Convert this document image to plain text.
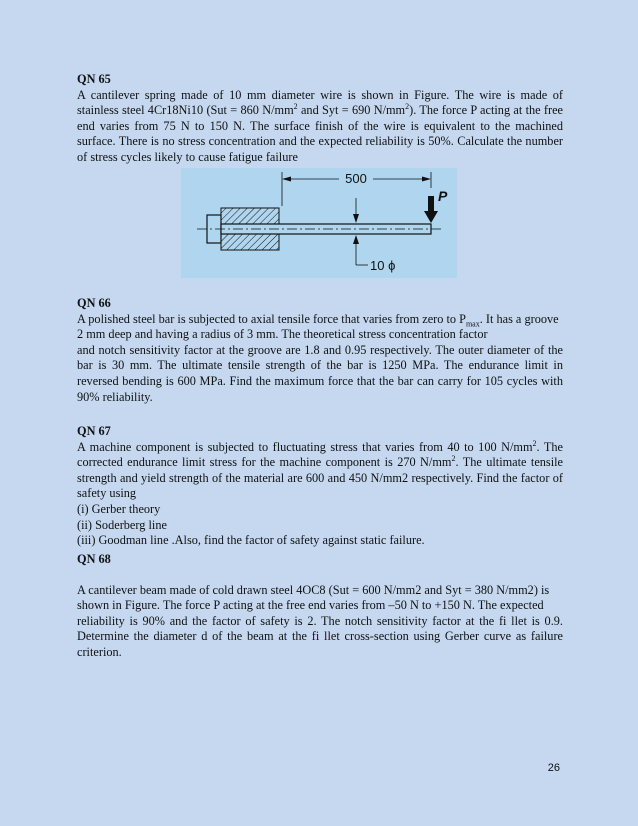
QN 65

A cantilever spring made of 10 mm diameter wire is shown in Figure. The wire is made of stainless steel 4Cr18Ni10 (Sut = 860 $N/mm^2$ and Syt = 690 $N/mm^2$). The force P acting at the free end varies from 75 N to 150 N. The surface finish of the wire is equivalent to the machined surface. There is no stress concentration and the expected reliability is 50%. Calculate the number of stress cycles likely to cause fatigue failure

500
P
10 ϕ
QN 66

A polished steel bar is subjected to axial tensile force that varies from zero to $P_{max}$. It has a groove 2 mm deep and having a radius of 3 mm. The theoretical stress concentration factor

and notch sensitivity factor at the groove are 1.8 and 0.95 respectively. The outer diameter of the bar is 30 mm. The ultimate tensile strength of the bar is 1250 MPa. The endurance limit in reversed bending is 600 MPa. Find the maximum force that the bar can carry for 105 cycles with 90% reliability.

QN 67

A machine component is subjected to fluctuating stress that varies from 40 to 100 $N/mm^2$. The corrected endurance limit stress for the machine component is 270 $N/mm^2$. The ultimate tensile strength and yield strength of the material are 600 and 450 N/mm2 respectively. Find the factor of safety using

(i) Gerber theory

(ii) Soderberg line

(iii) Goodman line .Also, find the factor of safety against static failure.

QN 68

A cantilever beam made of cold drawn steel 4OC8 (Sut = 600 N/mm2 and Syt = 380 N/mm2) is shown in Figure. The force P acting at the free end varies from –50 N to +150 N. The expected

reliability is 90% and the factor of safety is 2. The notch sensitivity factor at the fi llet is 0.9. Determine the diameter d of the beam at the fi llet cross-section using Gerber curve as failure criterion.

26
